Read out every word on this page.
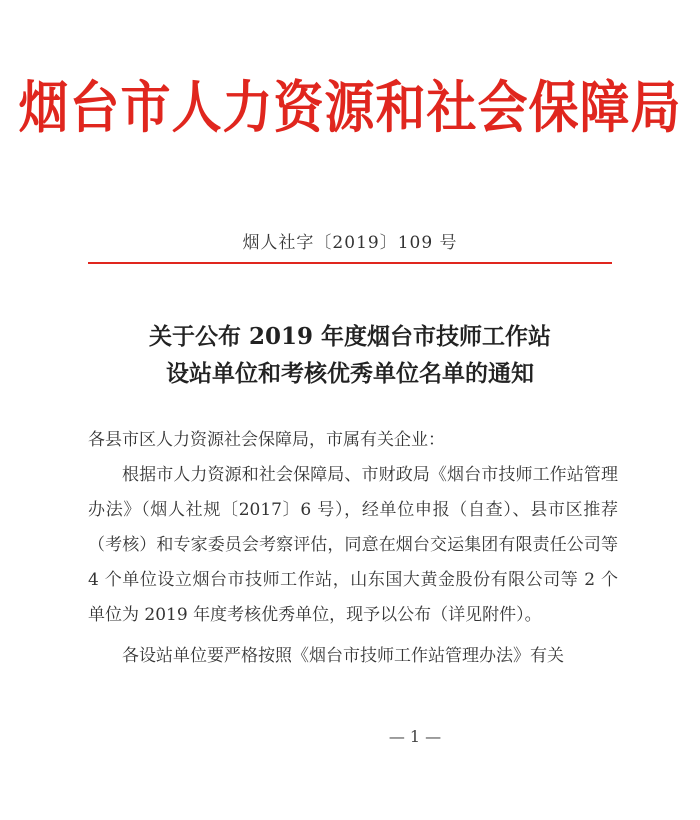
烟台市人力资源和社会保障局
烟人社字〔2019〕109 号
关于公布 2019 年度烟台市技师工作站
设站单位和考核优秀单位名单的通知

各县市区人力资源社会保障局，市属有关企业：

根据市人力资源和社会保障局、市财政局《烟台市技师工作站管理办法》（烟人社规〔2017〕6 号），经单位申报（自查）、县市区推荐（考核）和专家委员会考察评估，同意在烟台交运集团有限责任公司等 4 个单位设立烟台市技师工作站，山东国大黄金股份有限公司等 2 个单位为 2019 年度考核优秀单位，现予以公布（详见附件）。

各设站单位要严格按照《烟台市技师工作站管理办法》有关

— 1 —
